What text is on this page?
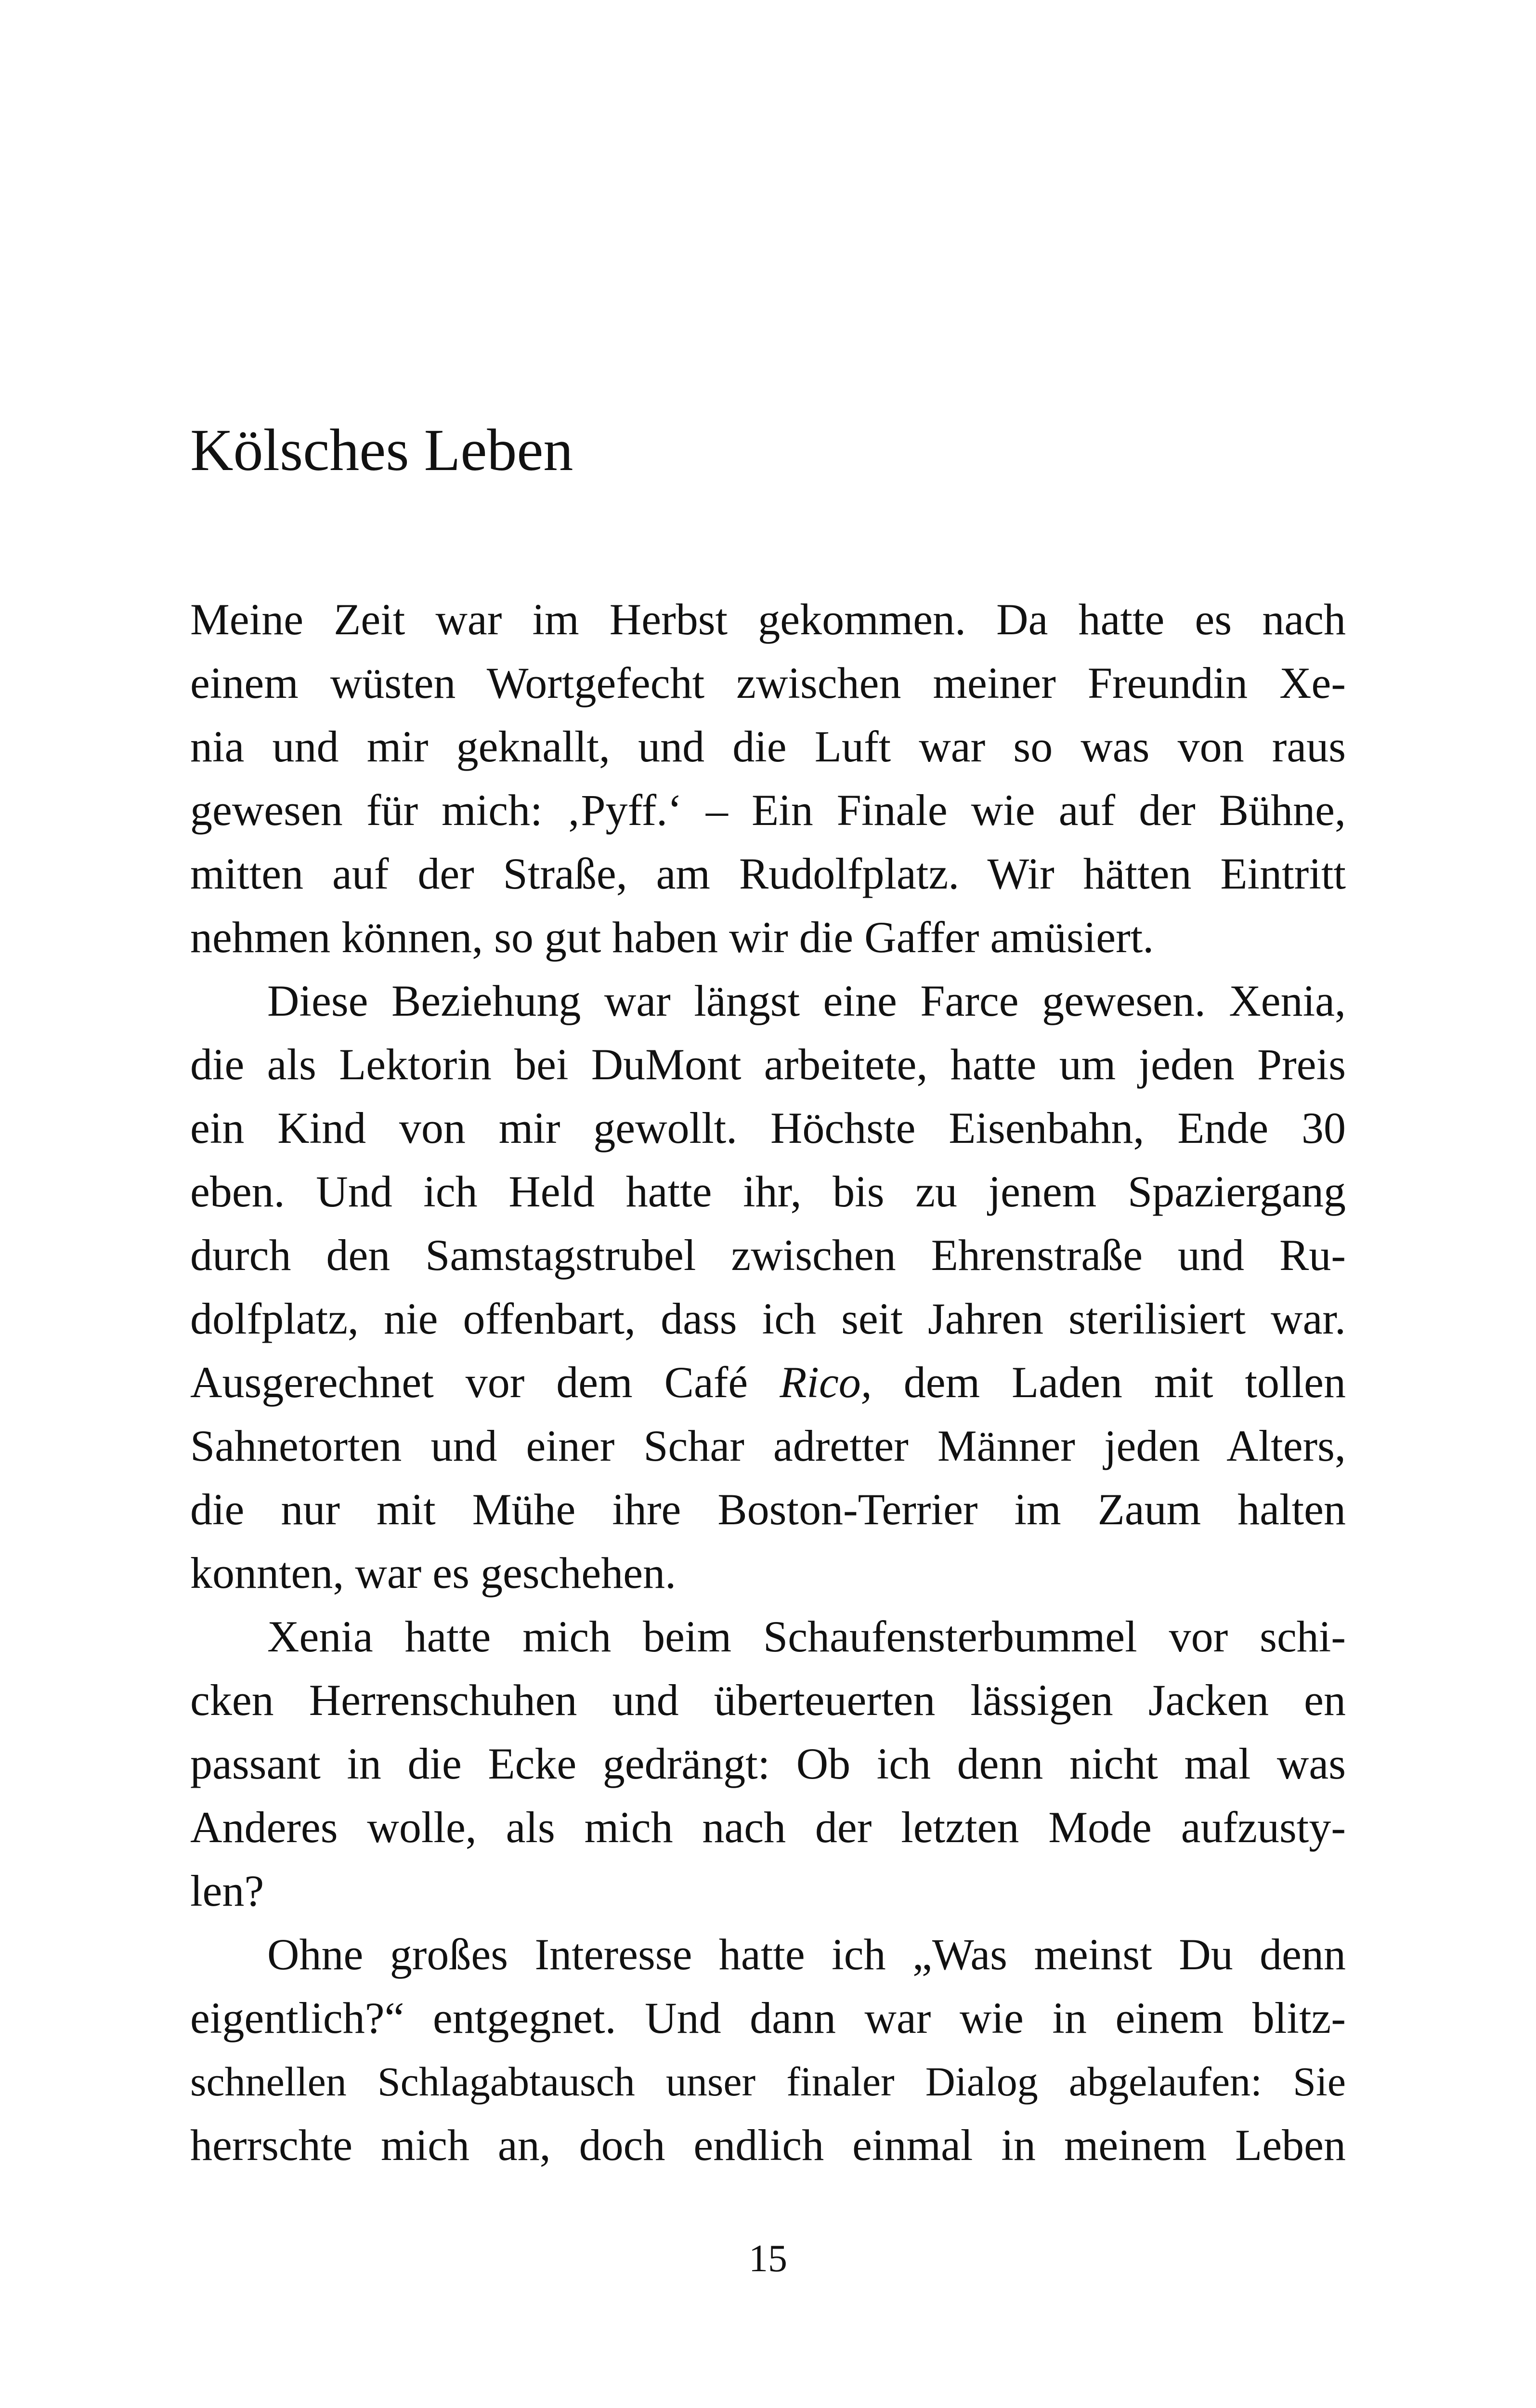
Kölsches Leben
Meine Zeit war im Herbst gekommen. Da hatte es nach
einem wüsten Wortgefecht zwischen meiner Freundin Xe-
nia und mir geknallt, und die Luft war so was von raus
gewesen für mich: ‚Pyff.‘ – Ein Finale wie auf der Bühne,
mitten auf der Straße, am Rudolfplatz. Wir hätten Eintritt
nehmen können, so gut haben wir die Gaffer amüsiert.
Diese Beziehung war längst eine Farce gewesen. Xenia,
die als Lektorin bei DuMont arbeitete, hatte um jeden Preis
ein Kind von mir gewollt. Höchste Eisenbahn, Ende 30
eben. Und ich Held hatte ihr, bis zu jenem Spaziergang
durch den Samstagstrubel zwischen Ehrenstraße und Ru-
dolfplatz, nie offenbart, dass ich seit Jahren sterilisiert war.
Ausgerechnet vor dem Café Rico, dem Laden mit tollen
Sahnetorten und einer Schar adretter Männer jeden Alters,
die nur mit Mühe ihre Boston-Terrier im Zaum halten
konnten, war es geschehen.
Xenia hatte mich beim Schaufensterbummel vor schi-
cken Herrenschuhen und überteuerten lässigen Jacken en
passant in die Ecke gedrängt: Ob ich denn nicht mal was
Anderes wolle, als mich nach der letzten Mode aufzusty-
len?
Ohne großes Interesse hatte ich „Was meinst Du denn
eigentlich?“ entgegnet. Und dann war wie in einem blitz-
schnellen Schlagabtausch unser finaler Dialog abgelaufen: Sie
herrschte mich an, doch endlich einmal in meinem Leben
15
